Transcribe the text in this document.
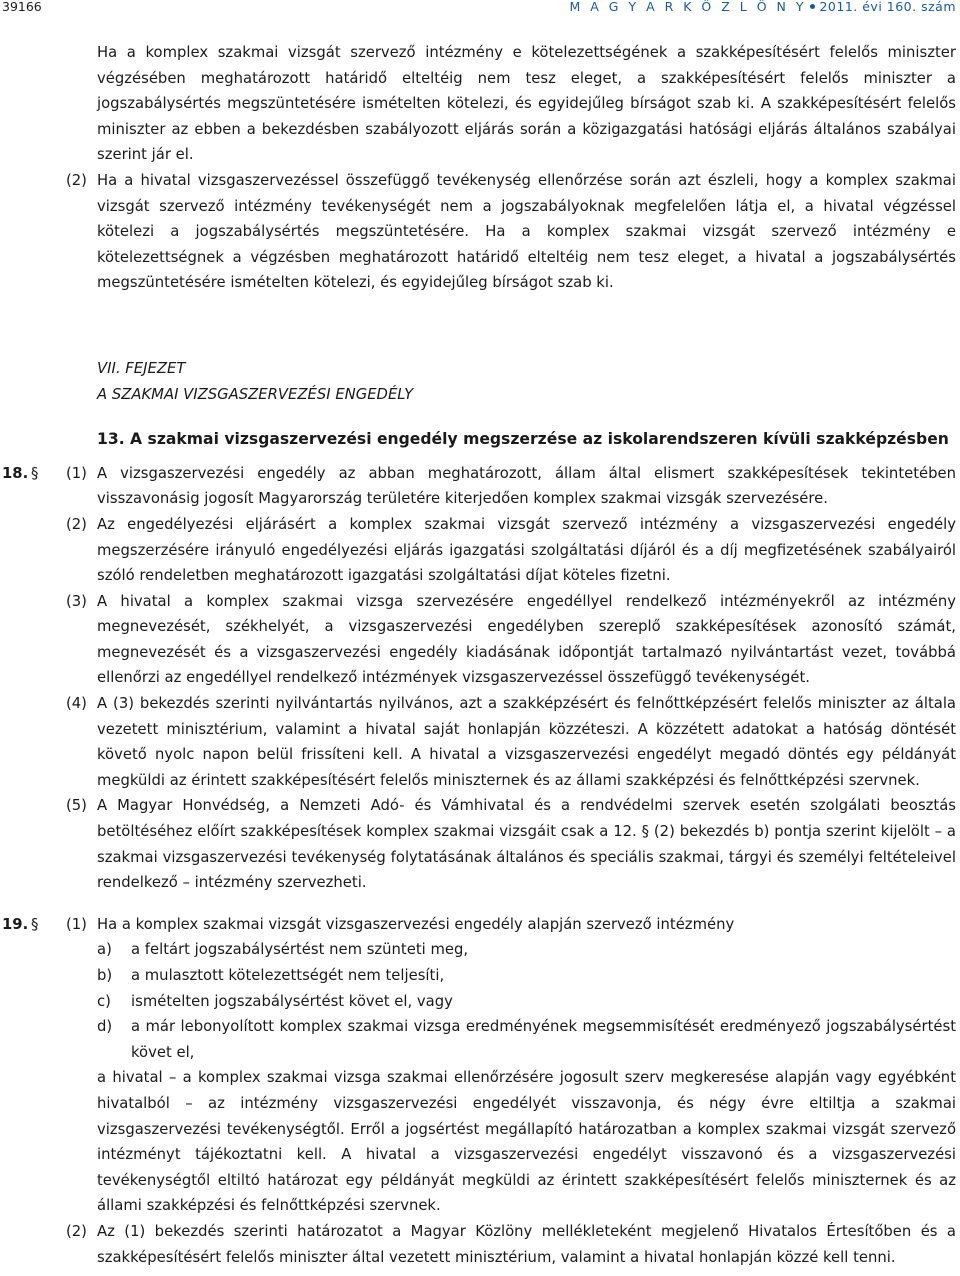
39166	M A G Y A R K Ö Z L Ö N Y 2011. évi 160. szám
Ha a komplex szakmai vizsgát szervező intézmény e kötelezettségének a szakképesítésért felelős miniszter végzésében meghatározott határidő elteltéig nem tesz eleget, a szakképesítésért felelős miniszter a jogszabálysértés megszüntetésére ismételten kötelezi, és egyidejűleg bírságot szab ki. A szakképesítésért felelős miniszter az ebben a bekezdésben szabályozott eljárás során a közigazgatási hatósági eljárás általános szabályai szerint jár el.
(2) Ha a hivatal vizsgaszervezéssel összefüggő tevékenység ellenőrzése során azt észleli, hogy a komplex szakmai vizsgát szervező intézmény tevékenységét nem a jogszabályoknak megfelelően látja el, a hivatal végzéssel kötelezi a jogszabálysértés megszüntetésére. Ha a komplex szakmai vizsgát szervező intézmény e kötelezettségnek a végzésben meghatározott határidő elteltéig nem tesz eleget, a hivatal a jogszabálysértés megszüntetésére ismételten kötelezi, és egyidejűleg bírságot szab ki.
VII. FEJEZET
A SZAKMAI VIZSGASZERVEZÉSI ENGEDÉLY
13. A szakmai vizsgaszervezési engedély megszerzése az iskolarendszeren kívüli szakképzésben
18. § (1) A vizsgaszervezési engedély az abban meghatározott, állam által elismert szakképesítések tekintetében visszavonásig jogosít Magyarország területére kiterjedően komplex szakmai vizsgák szervezésére.
(2) Az engedélyezési eljárásért a komplex szakmai vizsgát szervező intézmény a vizsgaszervezési engedély megszerzésére irányuló engedélyezési eljárás igazgatási szolgáltatási díjáról és a díj megfizetésének szabályairól szóló rendeletben meghatározott igazgatási szolgáltatási díjat köteles fizetni.
(3) A hivatal a komplex szakmai vizsga szervezésére engedéllyel rendelkező intézményekről az intézmény megnevezését, székhelyét, a vizsgaszervezési engedélyben szereplő szakképesítések azonosító számát, megnevezését és a vizsgaszervezési engedély kiadásának időpontját tartalmazó nyilvántartást vezet, továbbá ellenőrzi az engedéllyel rendelkező intézmények vizsgaszervezéssel összefüggő tevékenységét.
(4) A (3) bekezdés szerinti nyilvántartás nyilvános, azt a szakképzésért és felnőttképzésért felelős miniszter az általa vezetett minisztérium, valamint a hivatal saját honlapján közzéteszi. A közzétett adatokat a hatóság döntését követő nyolc napon belül frissíteni kell. A hivatal a vizsgaszervezési engedélyt megadó döntés egy példányát megküldi az érintett szakképesítésért felelős miniszternek és az állami szakképzési és felnőttképzési szervnek.
(5) A Magyar Honvédség, a Nemzeti Adó- és Vámhivatal és a rendvédelmi szervek esetén szolgálati beosztás betöltéséhez előírt szakképesítések komplex szakmai vizsgáit csak a 12. § (2) bekezdés b) pontja szerint kijelölt – a szakmai vizsgaszervezési tevékenység folytatásának általános és speciális szakmai, tárgyi és személyi feltételeivel rendelkező – intézmény szervezheti.
19. § (1) Ha a komplex szakmai vizsgát vizsgaszervezési engedély alapján szervező intézmény
a) a feltárt jogszabálysértést nem szünteti meg,
b) a mulasztott kötelezettségét nem teljesíti,
c) ismételten jogszabálysértést követ el, vagy
d) a már lebonyolított komplex szakmai vizsga eredményének megsemmisítését eredményező jogszabálysértést követ el,
a hivatal – a komplex szakmai vizsga szakmai ellenőrzésére jogosult szerv megkeresése alapján vagy egyébként hivatalból – az intézmény vizsgaszervezési engedélyét visszavonja, és négy évre eltiltja a szakmai vizsgaszervezési tevékenységtől. Erről a jogsértést megállapító határozatban a komplex szakmai vizsgát szervező intézményt tájékoztatni kell. A hivatal a vizsgaszervezési engedélyt visszavonó és a vizsgaszervezési tevékenységtől eltiltó határozat egy példányát megküldi az érintett szakképesítésért felelős miniszternek és az állami szakképzési és felnőttképzési szervnek.
(2) Az (1) bekezdés szerinti határozatot a Magyar Közlöny mellékleteként megjelenő Hivatalos Értesítőben és a szakképesítésért felelős miniszter által vezetett minisztérium, valamint a hivatal honlapján közzé kell tenni.
